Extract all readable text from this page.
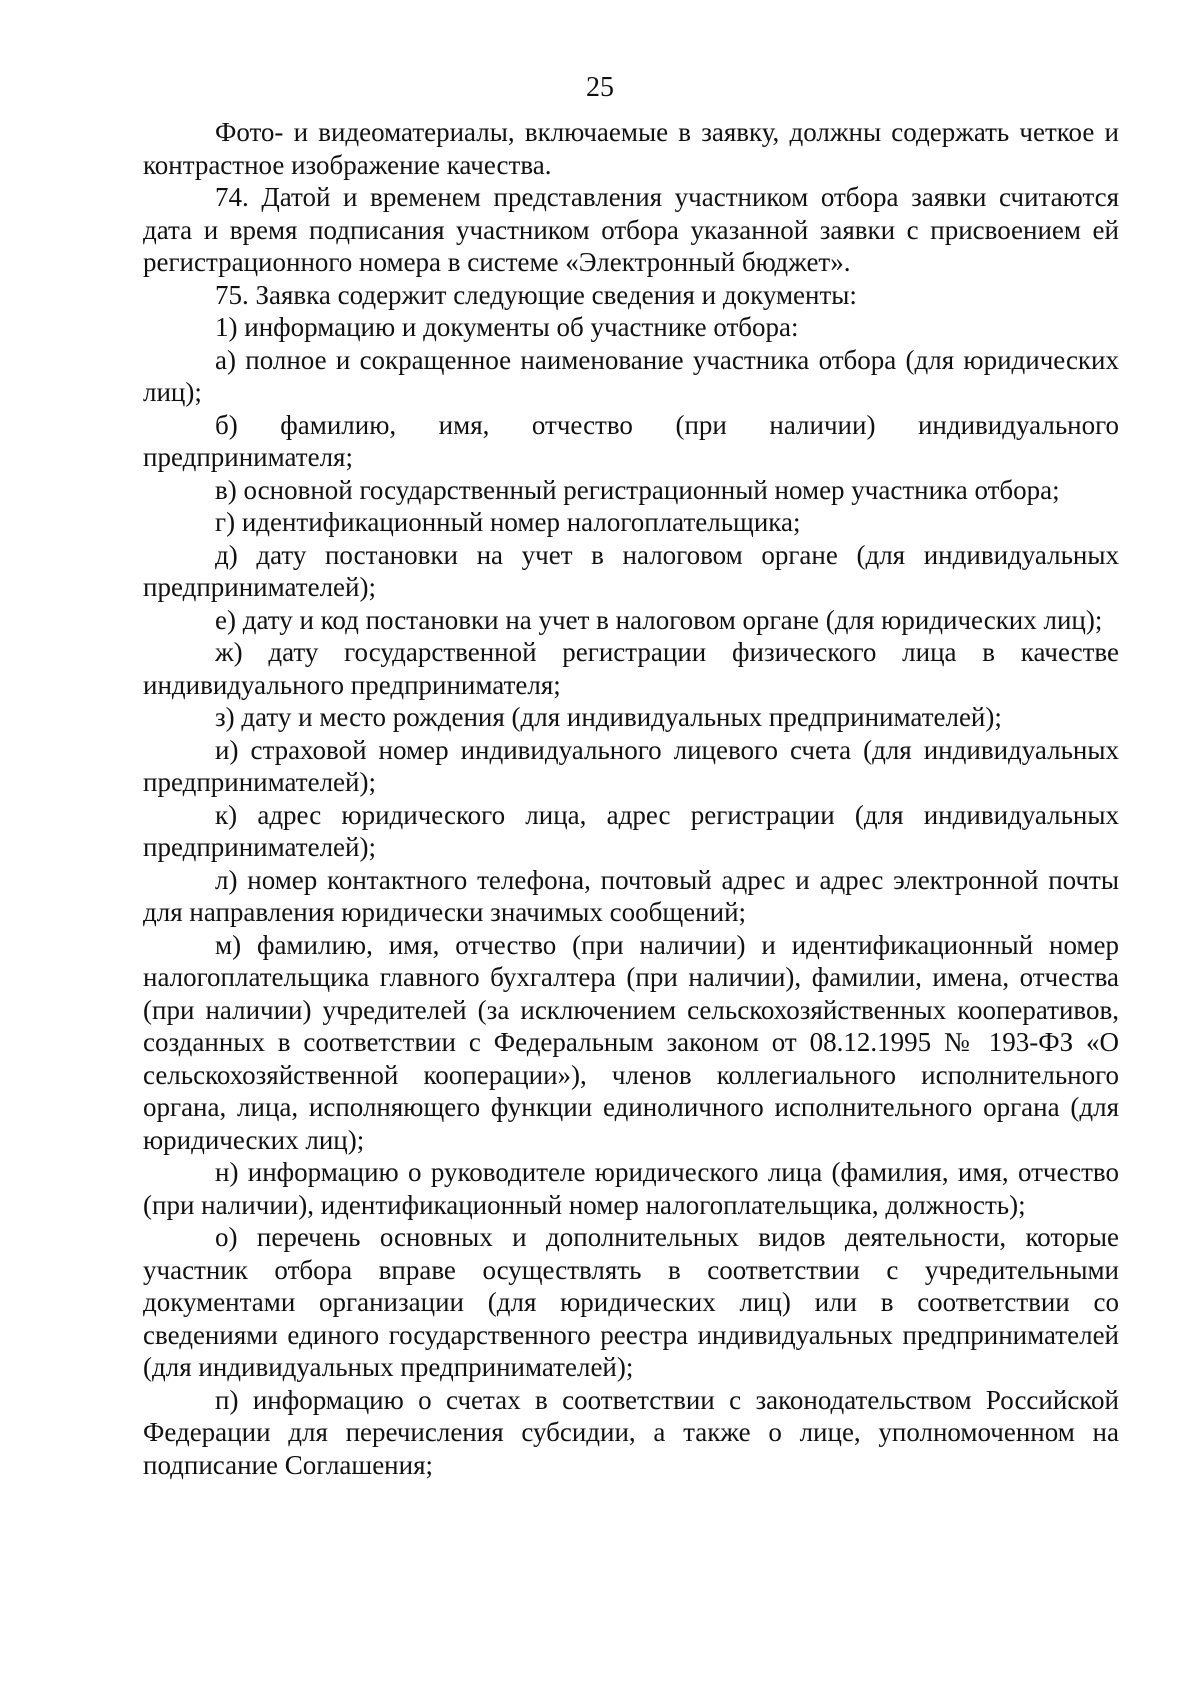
25

Фото- и видеоматериалы, включаемые в заявку, должны содержать четкое и контрастное изображение качества.

74. Датой и временем представления участником отбора заявки считаются дата и время подписания участником отбора указанной заявки с присвоением ей регистрационного номера в системе «Электронный бюджет».

75. Заявка содержит следующие сведения и документы:

1) информацию и документы об участнике отбора:

а) полное и сокращенное наименование участника отбора (для юридических лиц);

б) фамилию, имя, отчество (при наличии) индивидуального предпринимателя;

в) основной государственный регистрационный номер участника отбора;

г) идентификационный номер налогоплательщика;

д) дату постановки на учет в налоговом органе (для индивидуальных предпринимателей);

е) дату и код постановки на учет в налоговом органе (для юридических лиц);

ж) дату государственной регистрации физического лица в качестве индивидуального предпринимателя;

з) дату и место рождения (для индивидуальных предпринимателей);

и) страховой номер индивидуального лицевого счета (для индивидуальных предпринимателей);

к) адрес юридического лица, адрес регистрации (для индивидуальных предпринимателей);

л) номер контактного телефона, почтовый адрес и адрес электронной почты для направления юридически значимых сообщений;

м) фамилию, имя, отчество (при наличии) и идентификационный номер налогоплательщика главного бухгалтера (при наличии), фамилии, имена, отчества (при наличии) учредителей (за исключением сельскохозяйственных кооперативов, созданных в соответствии с Федеральным законом от 08.12.1995 № 193-ФЗ «О сельскохозяйственной кооперации»), членов коллегиального исполнительного органа, лица, исполняющего функции единоличного исполнительного органа (для юридических лиц);

н) информацию о руководителе юридического лица (фамилия, имя, отчество (при наличии), идентификационный номер налогоплательщика, должность);

о) перечень основных и дополнительных видов деятельности, которые участник отбора вправе осуществлять в соответствии с учредительными документами организации (для юридических лиц) или в соответствии со сведениями единого государственного реестра индивидуальных предпринимателей (для индивидуальных предпринимателей);

п) информацию о счетах в соответствии с законодательством Российской Федерации для перечисления субсидии, а также о лице, уполномоченном на подписание Соглашения;
